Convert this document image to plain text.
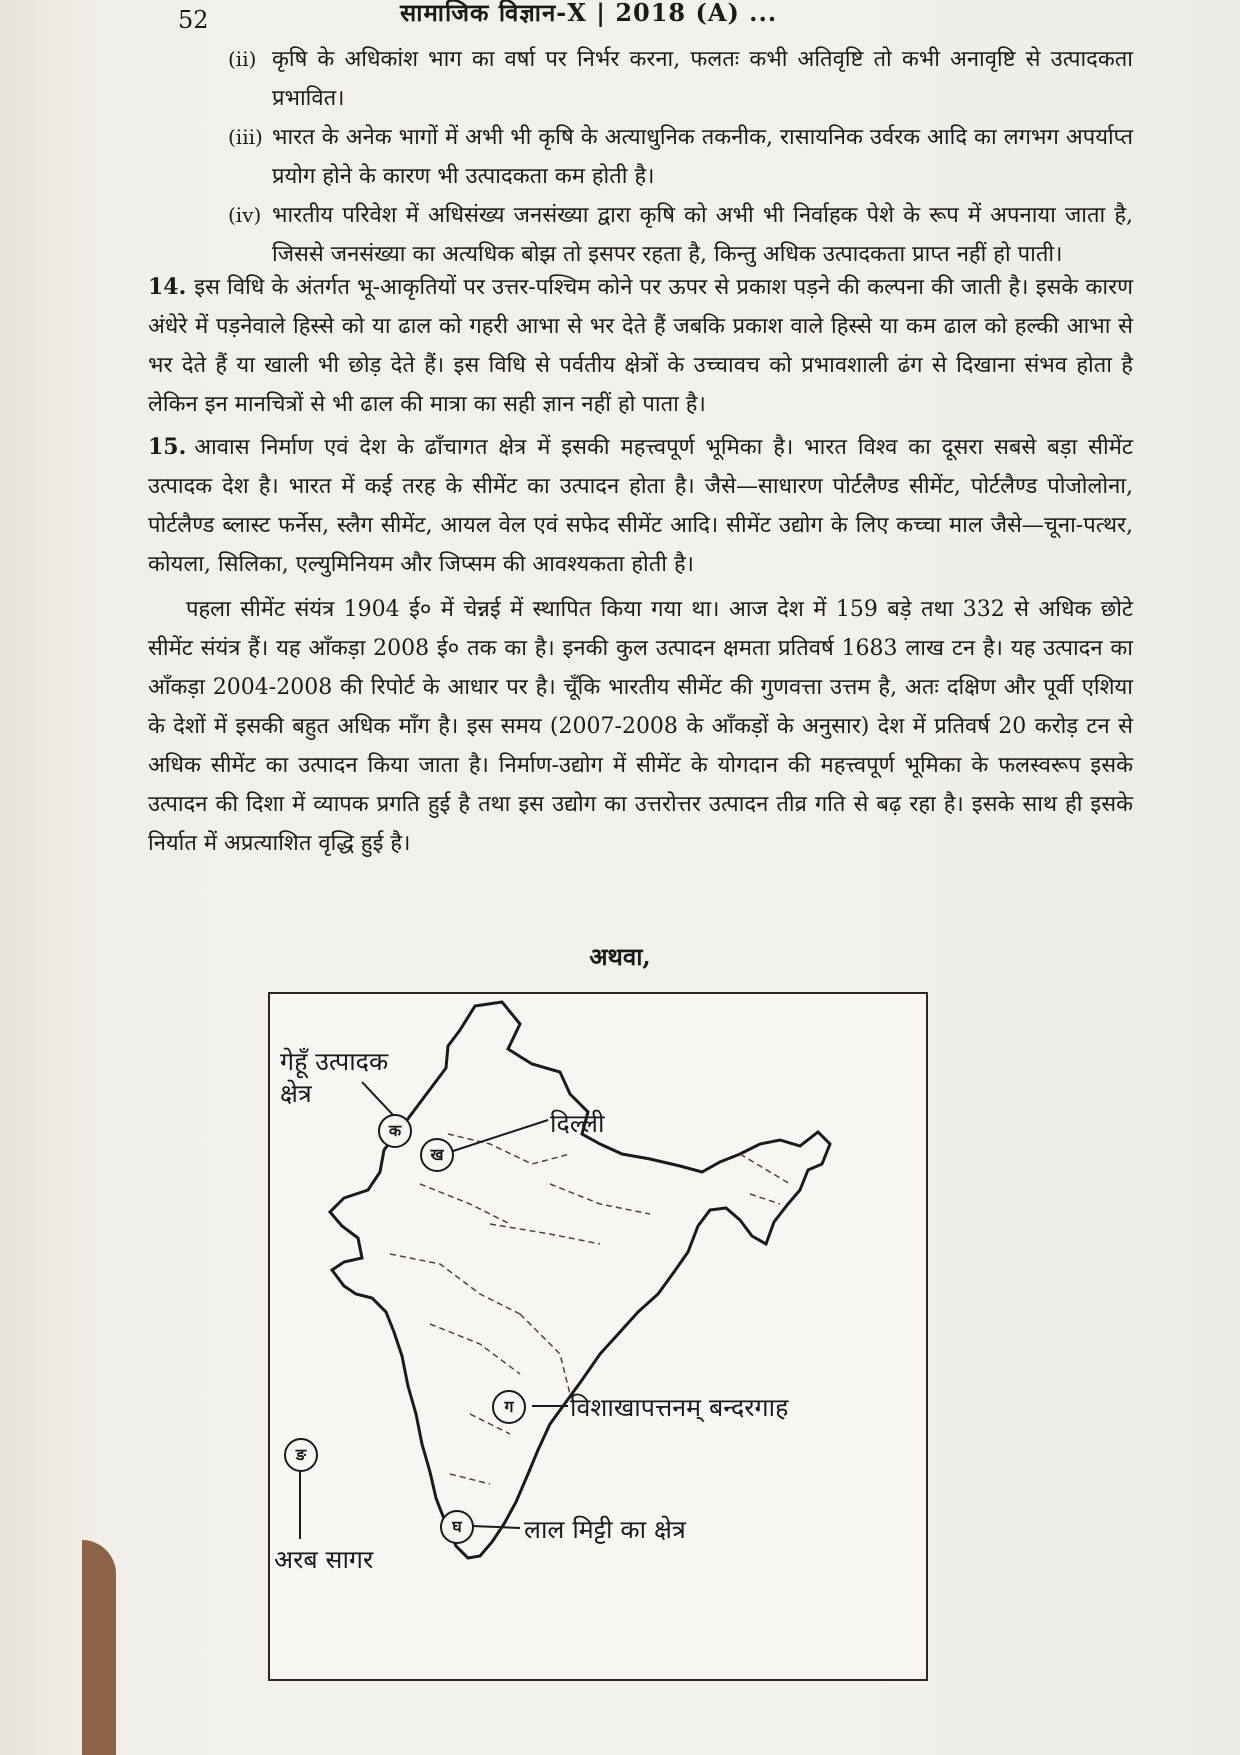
52	सामाजिक विज्ञान-X | 2018 (A) ...
(ii) कृषि के अधिकांश भाग का वर्षा पर निर्भर करना, फलतः कभी अतिवृष्टि तो कभी अनावृष्टि से उत्पादकता प्रभावित।
(iii) भारत के अनेक भागों में अभी भी कृषि के अत्याधुनिक तकनीक, रासायनिक उर्वरक आदि का लगभग अपर्याप्त प्रयोग होने के कारण भी उत्पादकता कम होती है।
(iv) भारतीय परिवेश में अधिसंख्य जनसंख्या द्वारा कृषि को अभी भी निर्वाहक पेशे के रूप में अपनाया जाता है, जिससे जनसंख्या का अत्यधिक बोझ तो इसपर रहता है, किन्तु अधिक उत्पादकता प्राप्त नहीं हो पाती।
14. इस विधि के अंतर्गत भू-आकृतियों पर उत्तर-पश्चिम कोने पर ऊपर से प्रकाश पड़ने की कल्पना की जाती है। इसके कारण अंधेरे में पड़नेवाले हिस्से को या ढाल को गहरी आभा से भर देते हैं जबकि प्रकाश वाले हिस्से या कम ढाल को हल्की आभा से भर देते हैं या खाली भी छोड़ देते हैं। इस विधि से पर्वतीय क्षेत्रों के उच्चावच को प्रभावशाली ढंग से दिखाना संभव होता है लेकिन इन मानचित्रों से भी ढाल की मात्रा का सही ज्ञान नहीं हो पाता है।
15. आवास निर्माण एवं देश के ढाँचागत क्षेत्र में इसकी महत्त्वपूर्ण भूमिका है। भारत विश्व का दूसरा सबसे बड़ा सीमेंट उत्पादक देश है। भारत में कई तरह के सीमेंट का उत्पादन होता है। जैसे—साधारण पोर्टलैण्ड सीमेंट, पोर्टलैण्ड पोजोलोना, पोर्टलैण्ड ब्लास्ट फर्नेस, स्लैग सीमेंट, आयल वेल एवं सफेद सीमेंट आदि। सीमेंट उद्योग के लिए कच्चा माल जैसे—चूना-पत्थर, कोयला, सिलिका, एल्युमिनियम और जिप्सम की आवश्यकता होती है।
पहला सीमेंट संयंत्र 1904 ई० में चेन्नई में स्थापित किया गया था। आज देश में 159 बड़े तथा 332 से अधिक छोटे सीमेंट संयंत्र हैं। यह आँकड़ा 2008 ई० तक का है। इनकी कुल उत्पादन क्षमता प्रतिवर्ष 1683 लाख टन है। यह उत्पादन का आँकड़ा 2004-2008 की रिपोर्ट के आधार पर है। चूँकि भारतीय सीमेंट की गुणवत्ता उत्तम है, अतः दक्षिण और पूर्वी एशिया के देशों में इसकी बहुत अधिक माँग है। इस समय (2007-2008 के आँकड़ों के अनुसार) देश में प्रतिवर्ष 20 करोड़ टन से अधिक सीमेंट का उत्पादन किया जाता है। निर्माण-उद्योग में सीमेंट के योगदान की महत्त्वपूर्ण भूमिका के फलस्वरूप इसके उत्पादन की दिशा में व्यापक प्रगति हुई है तथा इस उद्योग का उत्तरोत्तर उत्पादन तीव्र गति से बढ़ रहा है। इसके साथ ही इसके निर्यात में अप्रत्याशित वृद्धि हुई है।
अथवा,
गेहूँ उत्पादक
क्षेत्र
दिल्ली
विशाखापत्तनम् बन्दरगाह
लाल मिट्टी का क्षेत्र
अरब सागर
क
ख
ग
घ
ङ
